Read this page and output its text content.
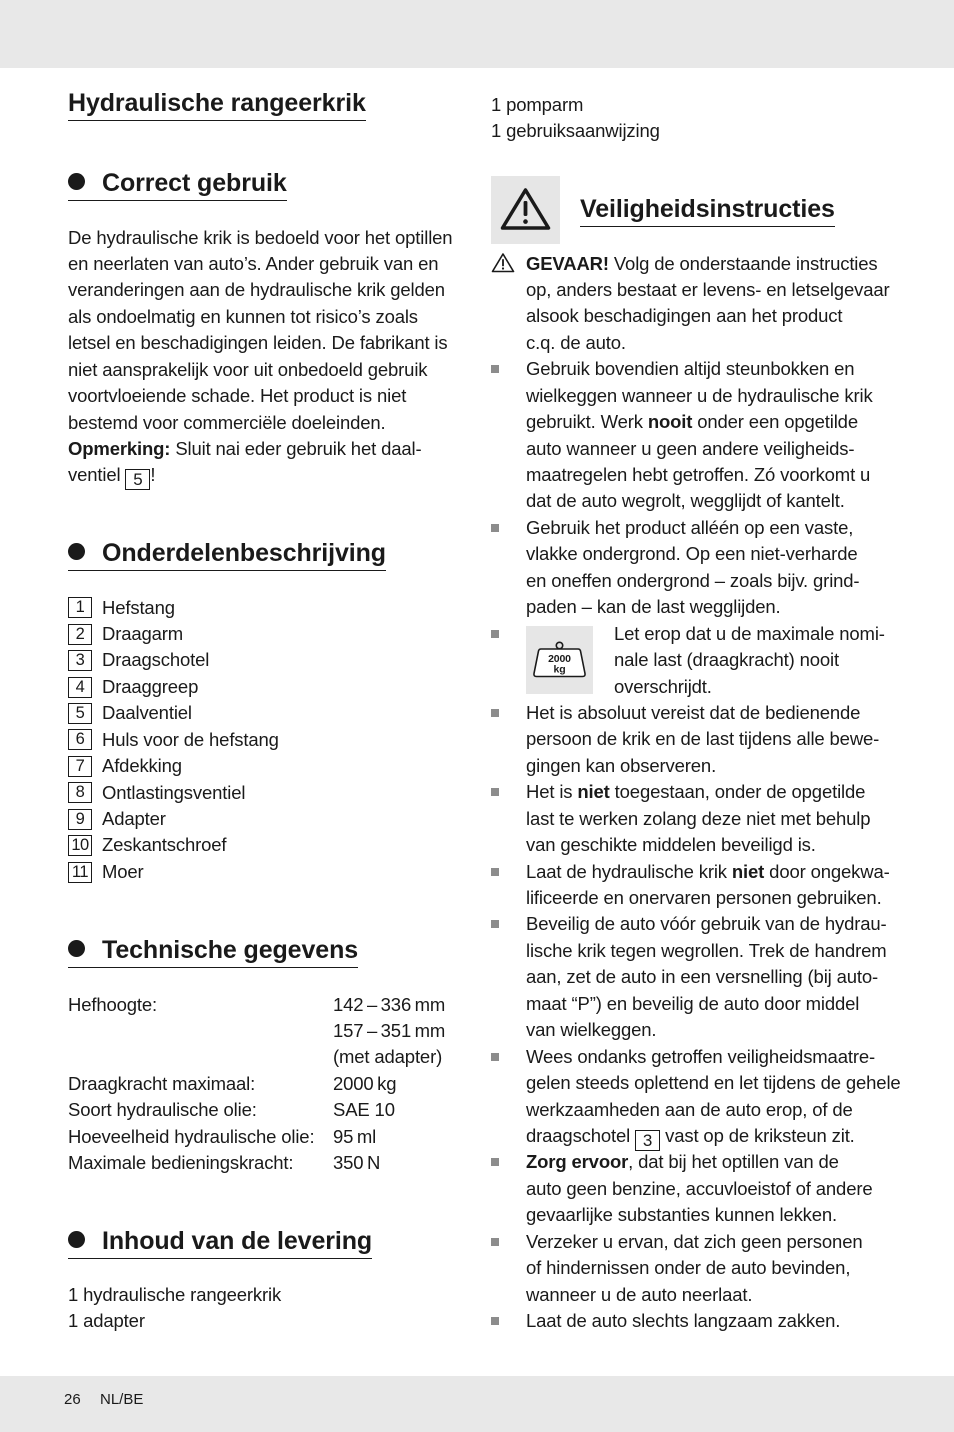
Hydraulische rangeerkrik
Correct gebruik
De hydraulische krik is bedoeld voor het optillen
en neerlaten van auto’s. Ander gebruik van en
veranderingen aan de hydraulische krik gelden
als ondoelmatig en kunnen tot risico’s zoals
letsel en beschadigingen leiden. De fabrikant is
niet aansprakelijk voor uit onbedoeld gebruik
voortvloeiende schade. Het product is niet
bestemd voor commerciële doeleinden.
Opmerking: Sluit nai eder gebruik het daal-
ventiel 5 !
Onderdelenbeschrijving
1 Hefstang
2 Draagarm
3 Draagschotel
4 Draaggreep
5 Daalventiel
6 Huls voor de hefstang
7 Afdekking
8 Ontlastingsventiel
9 Adapter
10 Zeskantschroef
11 Moer
Technische gegevens
Hefhoogte:	142 – 336 mm
157 – 351 mm
(met adapter)
Draagkracht maximaal:	2000 kg
Soort hydraulische olie:	SAE 10
Hoeveelheid hydraulische olie:	95 ml
Maximale bedieningskracht:	350 N
Inhoud van de levering
1 hydraulische rangeerkrik
1 adapter
1 pomparm
1 gebruiksaanwijzing
Veiligheidsinstructies
GEVAAR! Volg de onderstaande instructies
op, anders bestaat er levens- en letselgevaar
alsook beschadigingen aan het product
c.q. de auto.
Gebruik bovendien altijd steunbokken en
wielkeggen wanneer u de hydraulische krik
gebruikt. Werk nooit onder een opgetilde
auto wanneer u geen andere veiligheids-
maatregelen hebt getroffen. Zó voorkomt u
dat de auto wegrolt, wegglijdt of kantelt.
Gebruik het product alléén op een vaste,
vlakke ondergrond. Op een niet-verharde
en oneffen ondergrond – zoals bijv. grind-
paden – kan de last wegglijden.
2000
kg
Let erop dat u de maximale nomi-
nale last (draagkracht) nooit
overschrijdt.
Het is absoluut vereist dat de bedienende
persoon de krik en de last tijdens alle bewe-
gingen kan observeren.
Het is niet toegestaan, onder de opgetilde
last te werken zolang deze niet met behulp
van geschikte middelen beveiligd is.
Laat de hydraulische krik niet door ongekwa-
lificeerde en onervaren personen gebruiken.
Beveilig de auto vóór gebruik van de hydrau-
lische krik tegen wegrollen. Trek de handrem
aan, zet de auto in een versnelling (bij auto-
maat “P”) en beveilig de auto door middel
van wielkeggen.
Wees ondanks getroffen veiligheidsmaatre-
gelen steeds oplettend en let tijdens de gehele
werkzaamheden aan de auto erop, of de
draagschotel 3 vast op de kriksteun zit.
Zorg ervoor, dat bij het optillen van de
auto geen benzine, accuvloeistof of andere
gevaarlijke substanties kunnen lekken.
Verzeker u ervan, dat zich geen personen
of hindernissen onder de auto bevinden,
wanneer u de auto neerlaat.
Laat de auto slechts langzaam zakken.
26 NL/BE
